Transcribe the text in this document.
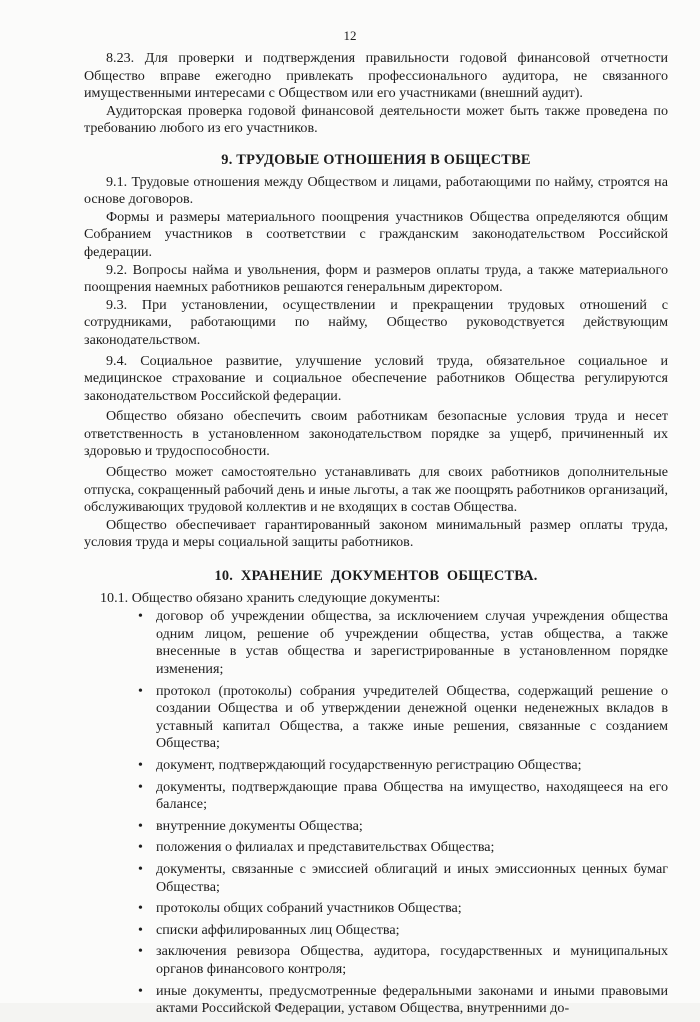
12

8.23. Для проверки и подтверждения правильности годовой финансовой отчетности Общество вправе ежегодно привлекать профессионального аудитора, не связанного имущественными интересами с Обществом или его участниками (внешний аудит).

Аудиторская проверка годовой финансовой деятельности может быть также проведена по требованию любого из его участников.

9. ТРУДОВЫЕ ОТНОШЕНИЯ В ОБЩЕСТВЕ

9.1. Трудовые отношения между Обществом и лицами, работающими по найму, строятся на основе договоров.

Формы и размеры материального поощрения участников Общества определяются общим Собранием участников в соответствии с гражданским законодательством Российской федерации.

9.2. Вопросы найма и увольнения, форм и размеров оплаты труда, а также материального поощрения наемных работников решаются генеральным директором.

9.3. При установлении, осуществлении и прекращении трудовых отношений с сотрудниками, работающими по найму, Общество руководствуется действующим законодательством.

9.4. Социальное развитие, улучшение условий труда, обязательное социальное и медицинское страхование и социальное обеспечение работников Общества регулируются законодательством Российской федерации.

Общество обязано обеспечить своим работникам безопасные условия труда и несет ответственность в установленном законодательством порядке за ущерб, причиненный их здоровью и трудоспособности.

Общество может самостоятельно устанавливать для своих работников дополнительные отпуска, сокращенный рабочий день и иные льготы, а так же поощрять работников организаций, обслуживающих трудовой коллектив и не входящих в состав Общества.

Общество обеспечивает гарантированный законом минимальный размер оплаты труда, условия труда и меры социальной защиты работников.

10. ХРАНЕНИЕ ДОКУМЕНТОВ ОБЩЕСТВА.

10.1. Общество обязано хранить следующие документы:

• договор об учреждении общества, за исключением случая учреждения общества одним лицом, решение об учреждении общества, устав общества, а также внесенные в устав общества и зарегистрированные в установленном порядке изменения;
• протокол (протоколы) собрания учредителей Общества, содержащий решение о создании Общества и об утверждении денежной оценки неденежных вкладов в уставный капитал Общества, а также иные решения, связанные с созданием Общества;
• документ, подтверждающий государственную регистрацию Общества;
• документы, подтверждающие права Общества на имущество, находящееся на его балансе;
• внутренние документы Общества;
• положения о филиалах и представительствах Общества;
• документы, связанные с эмиссией облигаций и иных эмиссионных ценных бумаг Общества;
• протоколы общих собраний участников Общества;
• списки аффилированных лиц Общества;
• заключения ревизора Общества, аудитора, государственных и муниципальных органов финансового контроля;
• иные документы, предусмотренные федеральными законами и иными правовыми актами Российской Федерации, уставом Общества, внутренними до-
